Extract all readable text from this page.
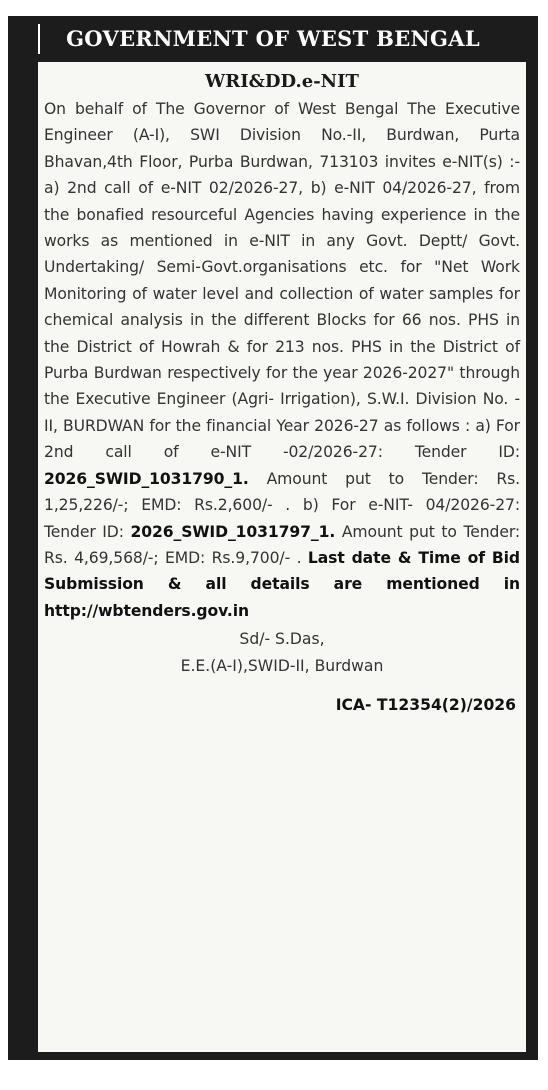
GOVERNMENT OF WEST BENGAL
WRI&DD.e-NIT
On behalf of The Governor of West Bengal The Executive Engineer (A-I), SWI Division No.-II, Burdwan, Purta Bhavan,4th Floor, Purba Burdwan, 713103 invites e-NIT(s) :- a) 2nd call of e-NIT 02/2026-27, b) e-NIT 04/2026-27, from the bonafied resourceful Agencies having experience in the works as mentioned in e-NIT in any Govt. Deptt/ Govt. Undertaking/ Semi-Govt.organisations etc. for "Net Work Monitoring of water level and collection of water samples for chemical analysis in the different Blocks for 66 nos. PHS in the District of Howrah & for 213 nos. PHS in the District of Purba Burdwan respectively for the year 2026-2027" through the Executive Engineer (Agri- Irrigation), S.W.I. Division No. -II, BURDWAN for the financial Year 2026-27 as follows : a) For 2nd call of e-NIT -02/2026-27: Tender ID: 2026_SWID_1031790_1. Amount put to Tender: Rs. 1,25,226/-; EMD: Rs.2,600/- . b) For e-NIT- 04/2026-27: Tender ID: 2026_SWID_1031797_1. Amount put to Tender: Rs. 4,69,568/-; EMD: Rs.9,700/- . Last date & Time of Bid Submission & all details are mentioned in http://wbtenders.gov.in
Sd/- S.Das,
E.E.(A-I),SWID-II, Burdwan
ICA- T12354(2)/2026
